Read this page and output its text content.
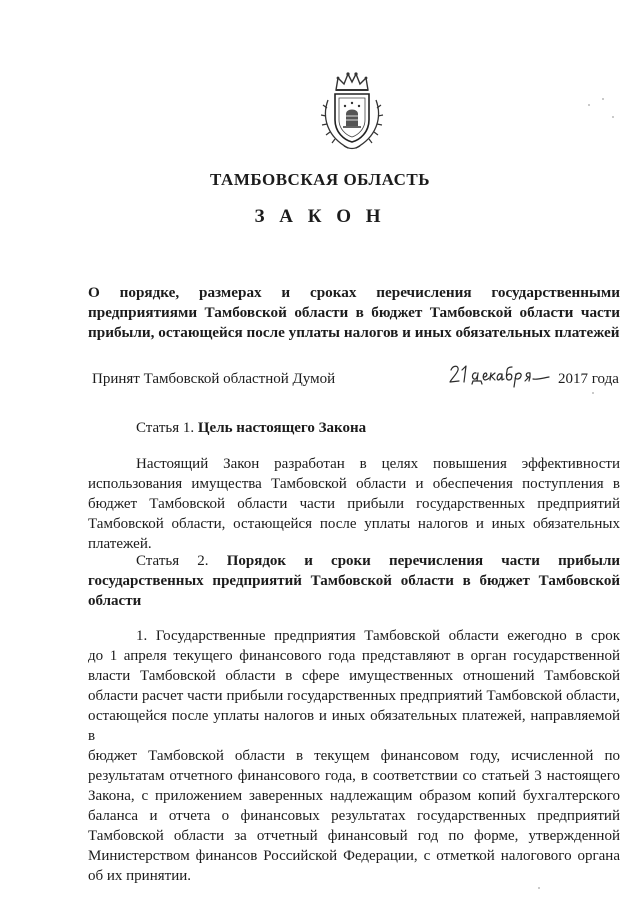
ТАМБОВСКАЯ ОБЛАСТЬ
З А К О Н
О порядке, размерах и сроках перечисления государственными
предприятиями Тамбовской области в бюджет Тамбовской области части
прибыли, остающейся после уплаты налогов и иных обязательных платежей
Принят Тамбовской областной Думой	2017 года
Статья 1. Цель настоящего Закона
Настоящий Закон разработан в целях повышения эффективности
использования имущества Тамбовской области и обеспечения поступления в
бюджет Тамбовской области части прибыли государственных предприятий
Тамбовской области, остающейся после уплаты налогов и иных обязательных
платежей.
Статья 2. Порядок и сроки перечисления части прибыли
государственных предприятий Тамбовской области в бюджет Тамбовской
области
1. Государственные предприятия Тамбовской области ежегодно в срок
до 1 апреля текущего финансового года представляют в орган государственной
власти Тамбовской области в сфере имущественных отношений Тамбовской
области расчет части прибыли государственных предприятий Тамбовской области,
остающейся после уплаты налогов и иных обязательных платежей, направляемой в
бюджет Тамбовской области в текущем финансовом году, исчисленной по
результатам отчетного финансового года, в соответствии со статьей 3 настоящего
Закона, с приложением заверенных надлежащим образом копий бухгалтерского
баланса и отчета о финансовых результатах государственных предприятий
Тамбовской области за отчетный финансовый год по форме, утвержденной
Министерством финансов Российской Федерации, с отметкой налогового органа
об их принятии.
